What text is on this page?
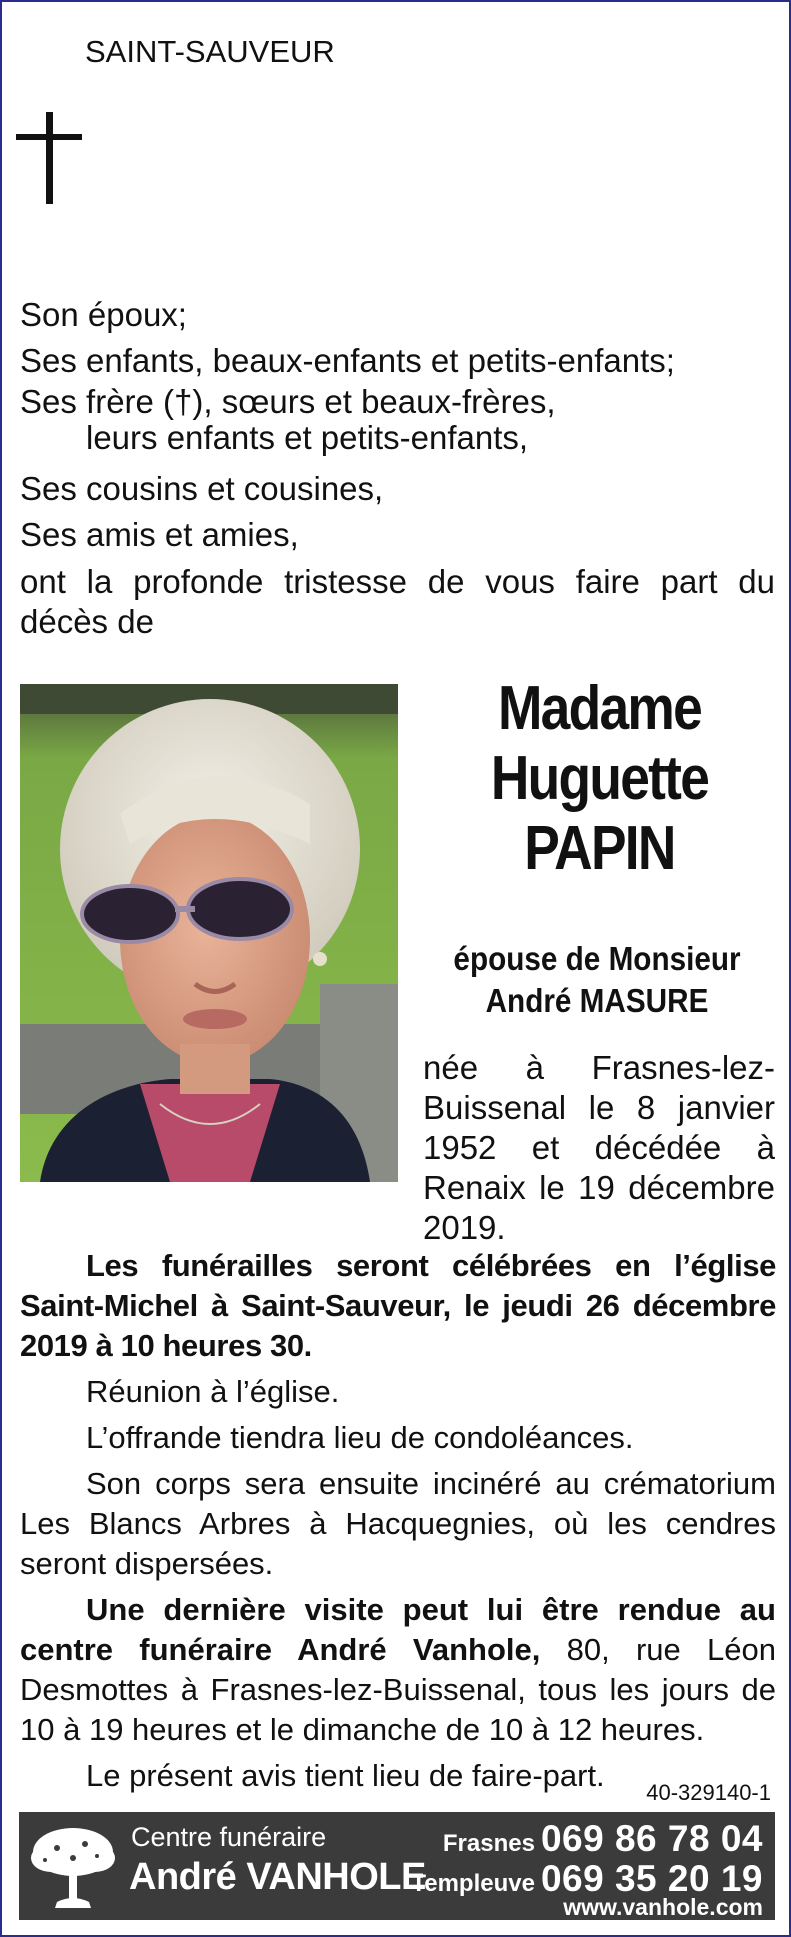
SAINT-SAUVEUR
Son époux;
Ses enfants, beaux-enfants et petits-enfants;
Ses frère (†), sœurs et beaux-frères,
leurs enfants et petits-enfants,
Ses cousins et cousines,
Ses amis et amies,
ont la profonde tristesse de vous faire part du décès de
Madame
Huguette
PAPIN
épouse de Monsieur
André MASURE
née à Frasnes-lez-Buissenal le 8 janvier 1952 et décédée à Renaix le 19 décembre 2019.

Les funérailles seront célébrées en l’église Saint-Michel à Saint-Sauveur, le jeudi 26 décembre 2019 à 10 heures 30.

Réunion à l’église.

L’offrande tiendra lieu de condoléances.

Son corps sera ensuite incinéré au crématorium Les Blancs Arbres à Hacquegnies, où les cendres seront dispersées.

Une dernière visite peut lui être rendue au centre funéraire André Vanhole, 80, rue Léon Desmottes à Frasnes-lez-Buissenal, tous les jours de 10 à 19 heures et le dimanche de 10 à 12 heures.

Le présent avis tient lieu de faire-part.	40-329140-1
Centre funéraire
André VANHOLE
Frasnes 069 86 78 04
Templeuve 069 35 20 19
www.vanhole.com
